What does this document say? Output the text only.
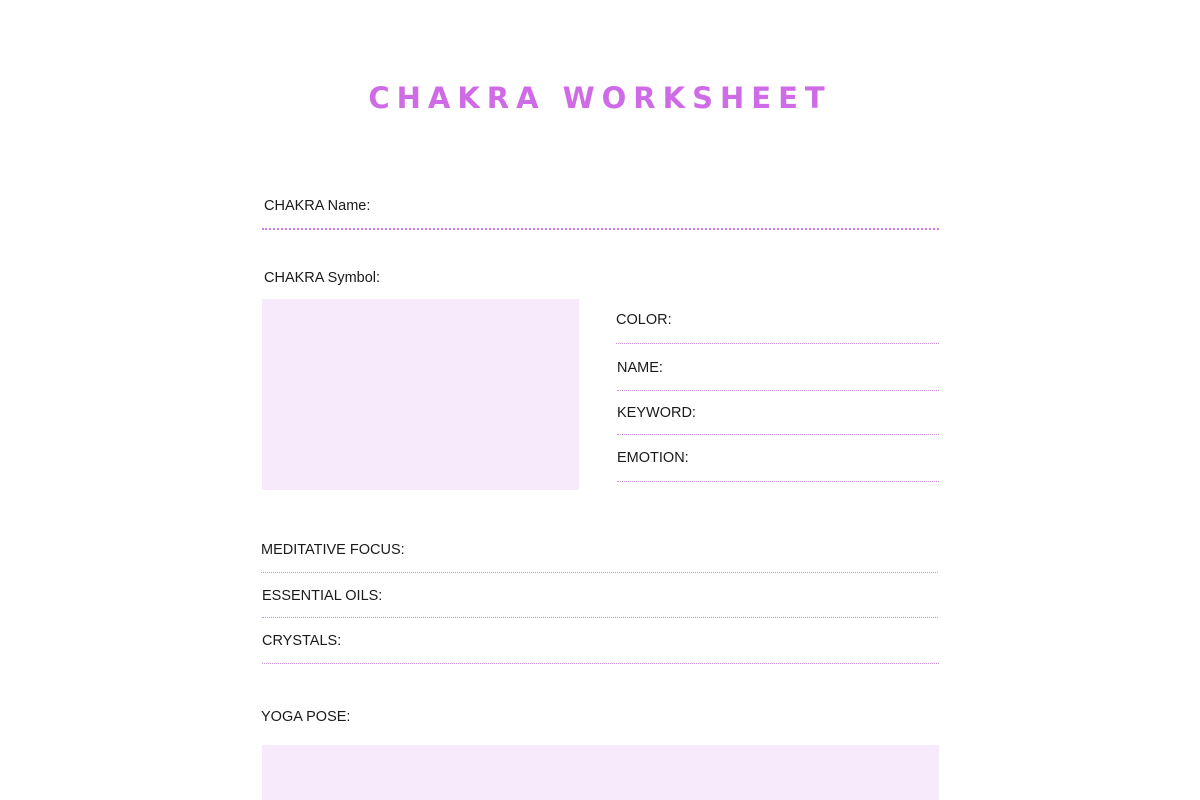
CHAKRA WORKSHEET
CHAKRA Name:
CHAKRA Symbol:
COLOR:
NAME:
KEYWORD:
EMOTION:
MEDITATIVE FOCUS:
ESSENTIAL OILS:
CRYSTALS:
YOGA POSE:
